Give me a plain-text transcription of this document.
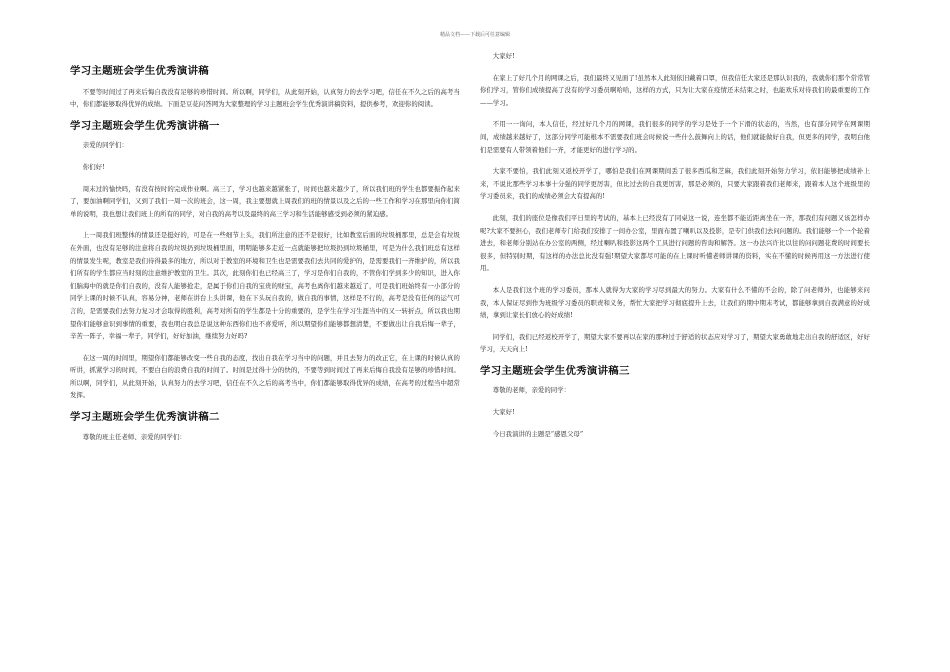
精品文档——下载后可任意编辑
学习主题班会学生优秀演讲稿

不要等时间过了再来后悔自我没有足够的珍惜时间。所以啊，同学们，从此刻开始，认真努力的去学习吧，信任在不久之后的高考当中，你们都能够取得优异的成绩。下面是豆花问答网为大家整理的学习主题班会学生优秀演讲稿资料，提供参考，欢迎你的阅读。

学习主题班会学生优秀演讲稿一

亲爱的同学们：

你们好!

周末过的愉快吗，有没有按时的完成作业啊。高三了，学习也越来越紧张了，时间也越来越少了，所以我们班的学生也都要振作起来了，要加油啊同学们，又到了我们一周一次的班会，这一周，我主要想就上周我们的班的情景以及之后的一些工作和学习在那里向你们简单的说明，我也想让我们班上的所有的同学，对自我的高考以及最终的高三学习和生活能够感受到必须的紧迫感。

上一周我们班整体的情景还是挺好的，可是在一些细节上头，我们所注意的还不是很好，比如教室后面的垃圾桶那里，总是会有垃圾在外面，也没有足够的注意将自我的垃圾扔到垃圾桶里面，明明能够多走近一点就能够把垃圾扔到垃圾桶里，可是为什么我们班总有这样的情景发生呢，教室是我们待得最多的地方，所以对于教室的环境和卫生也是需要我们去共同的爱护的，是需要我们一齐维护的，所以我们所有的学生都应当时刻的注意维护教室的卫生。其次，此刻你们也已经高三了，学习是你们自我的，不管你们学到多少的知识，进入你们脑海中的就是你们自我的，没有人能够抢走，是属于你们自我的宝贵的财宝，高考也离你们越来越近了，可是我们班始终有一小部分的同学上课的时候不认真，容易分神，老师在讲台上头讲课，他在下头玩自我的，做自我的事情，这样是不行的，高考是没有任何的运气可言的，是需要我们去努力复习才会取得的胜利，高考对所有的学生都是十分的重要的，是学生在学习生涯当中的又一转折点，所以我也期望你们能够意识到事情的重要，我也明白我总是说这种东西你们也不喜爱听，所以期望你们能够都想清楚，不要做出让自我后悔一辈子，辛苦一阵子，幸福一辈子，同学们，好好加油，继续努力好吗?

在这一周的时间里，期望你们都能够改变一些自我的态度，找出自我在学习当中的问题，并且去努力的改正它，在上课的时候认真的听讲，抓紧学习的时间，不要白白的浪费自我的时间了。时间是过得十分的快的，不要等到时间过了再来后悔自我没有足够的珍惜时间。所以啊，同学们，从此刻开始，认真努力的去学习吧，信任在不久之后的高考当中，你们都能够取得优异的成绩，在高考的过程当中超常发挥。

学习主题班会学生优秀演讲稿二

尊敬的班主任老师、亲爱的同学们：

大家好!

在家上了好几个月的网课之后，我们最终又见面了!虽然本人此刻依旧戴着口罩，但我信任大家还是那认识我的，我就你们那个常常管你们学习，管你们成绩提高了没有的学习委员啊哈哈，这样的方式，只为让大家在疫情还未结束之时，也能欢乐对待我们的最重要的工作——学习。

不用一一询问，本人信任，经过好几个月的网课，我们很多的同学的学习是处于一个下滑的状态的，当然，也有部分同学在网课期间，成绩越来越好了，这部分同学可能根本不需要我们班会时候说一些什么鼓舞向上的话，他们就能做好自我，但更多的同学，我明白他们是需要有人带领着他们一齐，才能更好的进行学习的。

大家不要怕，我们此刻又返校开学了，哪怕是我们在网课期间丢了很多西瓜和芝麻，我们此刻开始努力学习，依旧能够把成绩补上来，不说比那些学习本事十分强的同学更厉害，但比过去的自我更厉害，那是必须的，只要大家跟着我们老师来，跟着本人这个班级里的学习委员来，我们的成绩必须会大有提高的!

此刻，我们的座位是像我们平日里的考试的，基本上已经没有了同桌这一说，连坐都不能近距离坐在一齐，那我们有问题又该怎样办呢?大家不要担心，我们老师专门给我们安排了一间办公室，里面布置了喇叭以及投影，是专门供我们去问问题的。我们能够一个一个轮着进去，和老师分别站在办公室的两侧，经过喇叭和投影这两个工具进行问题的咨询和解答。这一办法兴许比以往的问问题花费的时间要长很多，但特别时期，有这样的办法总比没有强!期望大家都尽可能的在上课时听懂老师讲课的资料，实在不懂的时候再用这一方法进行使用。

本人是我们这个班的学习委员，那本人就得为大家的学习尽到最大的努力。大家有什么不懂的不会的，除了问老师外，也能够来问我，本人保证尽到作为班级学习委员的职责和义务，帮忙大家把学习彻底提升上去，让我们的期中期末考试，都能够拿到自我满意的好成绩，拿到让家长们放心的好成绩!

同学们，我们已经返校开学了，期望大家不要再以在家的那种过于舒适的状态应对学习了，期望大家勇敢地走出自我的舒适区，好好学习，天天向上!

学习主题班会学生优秀演讲稿三

尊敬的老师，亲爱的同学：

大家好!

今日我演讲的主题是“感恩父母”
